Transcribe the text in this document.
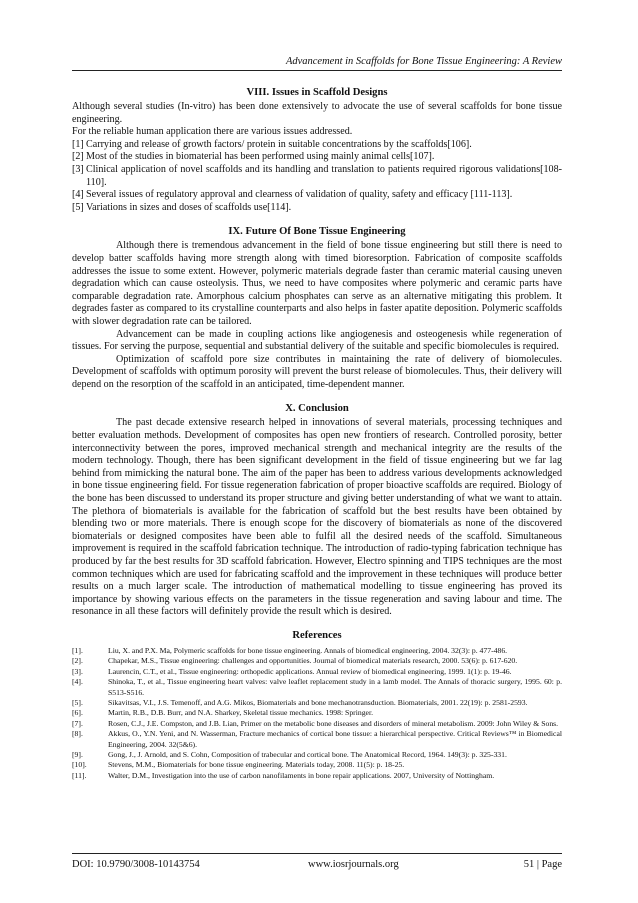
Advancement in Scaffolds for Bone Tissue Engineering: A Review
VIII. Issues in Scaffold Designs

Although several studies (In-vitro) has been done extensively to advocate the use of several scaffolds for bone tissue engineering.

For the reliable human application there are various issues addressed.

[1] Carrying and release of growth factors/ protein in suitable concentrations by the scaffolds[106].
[2] Most of the studies in biomaterial has been performed using mainly animal cells[107].
[3] Clinical application of novel scaffolds and its handling and translation to patients required rigorous validations[108-110].
[4] Several issues of regulatory approval and clearness of validation of quality, safety and efficacy [111-113].
[5] Variations in sizes and doses of scaffolds use[114].
IX. Future Of Bone Tissue Engineering

Although there is tremendous advancement in the field of bone tissue engineering but still there is need to develop batter scaffolds having more strength along with timed bioresorption. Fabrication of composite scaffolds addresses the issue to some extent. However, polymeric materials degrade faster than ceramic material causing uneven degradation which can cause osteolysis. Thus, we need to have composites where polymeric and ceramic parts have comparable degradation rate. Amorphous calcium phosphates can serve as an alternative mitigating this problem. It degrades faster as compared to its crystalline counterparts and also helps in faster apatite deposition. Polymeric scaffolds with slower degradation rate can be tailored.

Advancement can be made in coupling actions like angiogenesis and osteogenesis while regeneration of tissues. For serving the purpose, sequential and substantial delivery of the suitable and specific biomolecules is required.

Optimization of scaffold pore size contributes in maintaining the rate of delivery of biomolecules. Development of scaffolds with optimum porosity will prevent the burst release of biomolecules. Thus, their delivery will depend on the resorption of the scaffold in an anticipated, time-dependent manner.

X. Conclusion

The past decade extensive research helped in innovations of several materials, processing techniques and better evaluation methods. Development of composites has open new frontiers of research. Controlled porosity, better interconnectivity between the pores, improved mechanical strength and mechanical integrity are the results of the modern technology. Though, there has been significant development in the field of tissue engineering but we far lag behind from mimicking the natural bone. The aim of the paper has been to address various developments acknowledged in bone tissue engineering field. For tissue regeneration fabrication of proper bioactive scaffolds are required. Biology of the bone has been discussed to understand its proper structure and giving better understanding of what we want to attain. The plethora of biomaterials is available for the fabrication of scaffold but the best results have been obtained by blending two or more materials. There is enough scope for the discovery of biomaterials as none of the discovered biomaterials or designed composites have been able to fulfil all the desired needs of the scaffold. Simultaneous improvement is required in the scaffold fabrication technique. The introduction of radio-typing fabrication technique has produced by far the best results for 3D scaffold fabrication. However, Electro spinning and TIPS techniques are the most common techniques which are used for fabricating scaffold and the improvement in these techniques will produce better results on a much larger scale. The introduction of mathematical modelling to tissue engineering has proved its importance by showing various effects on the parameters in the tissue regeneration and saving labour and time. The resonance in all these factors will definitely provide the result which is desired.

References
[1].	Liu, X. and P.X. Ma, Polymeric scaffolds for bone tissue engineering. Annals of biomedical engineering, 2004. 32(3): p. 477-486.
[2].	Chapekar, M.S., Tissue engineering: challenges and opportunities. Journal of biomedical materials research, 2000. 53(6): p. 617-620.
[3].	Laurencin, C.T., et al., Tissue engineering: orthopedic applications. Annual review of biomedical engineering, 1999. 1(1): p. 19-46.
[4].	Shinoka, T., et al., Tissue engineering heart valves: valve leaflet replacement study in a lamb model. The Annals of thoracic surgery, 1995. 60: p. S513-S516.
[5].	Sikavitsas, V.I., J.S. Temenoff, and A.G. Mikos, Biomaterials and bone mechanotransduction. Biomaterials, 2001. 22(19): p. 2581-2593.
[6].	Martin, R.B., D.B. Burr, and N.A. Sharkey, Skeletal tissue mechanics. 1998: Springer.
[7].	Rosen, C.J., J.E. Compston, and J.B. Lian, Primer on the metabolic bone diseases and disorders of mineral metabolism. 2009: John Wiley & Sons.
[8].	Akkus, O., Y.N. Yeni, and N. Wasserman, Fracture mechanics of cortical bone tissue: a hierarchical perspective. Critical Reviews™ in Biomedical Engineering, 2004. 32(5&6).
[9].	Gong, J., J. Arnold, and S. Cohn, Composition of trabecular and cortical bone. The Anatomical Record, 1964. 149(3): p. 325-331.
[10].	Stevens, M.M., Biomaterials for bone tissue engineering. Materials today, 2008. 11(5): p. 18-25.
[11].	Walter, D.M., Investigation into the use of carbon nanofilaments in bone repair applications. 2007, University of Nottingham.
DOI: 10.9790/3008-10143754	www.iosrjournals.org	51 | Page
